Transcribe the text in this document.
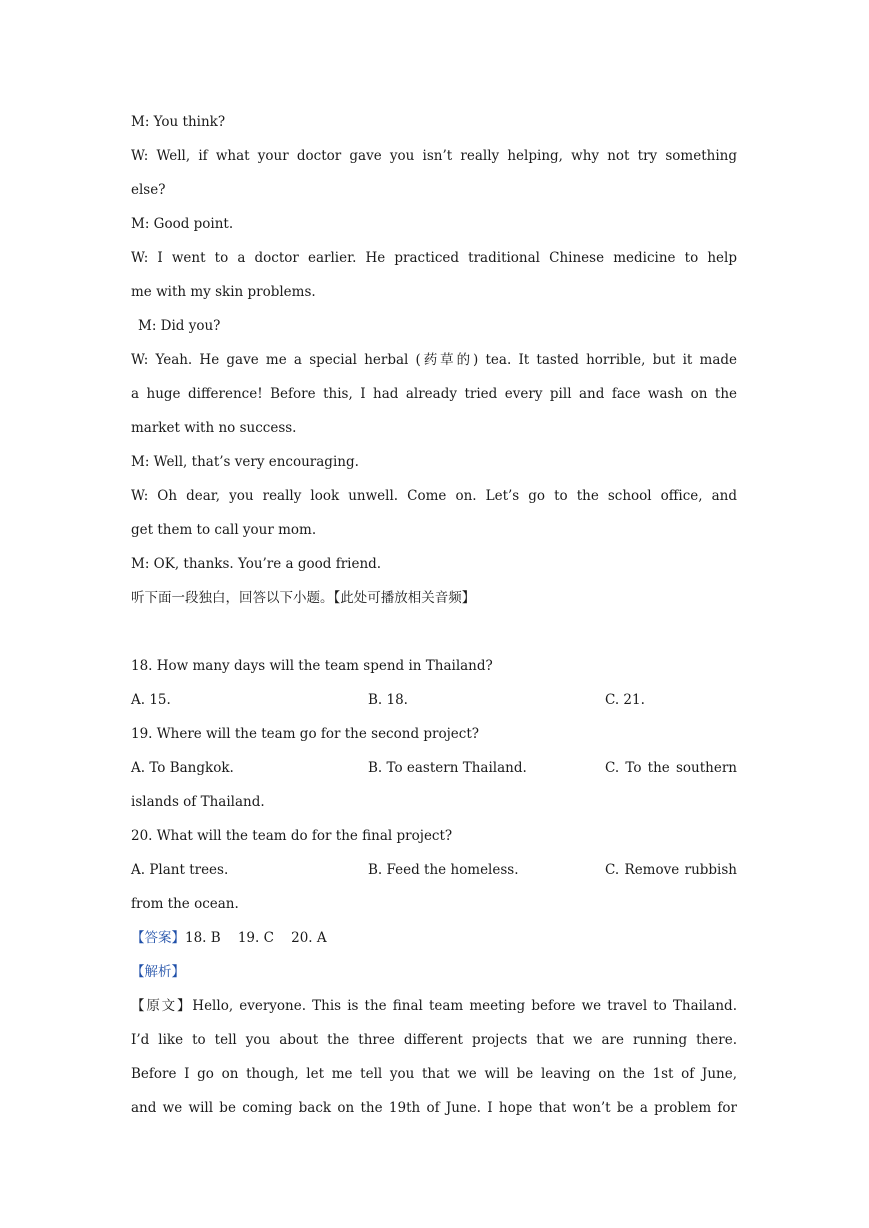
M: You think?
W: Well, if what your doctor gave you isn’t really helping, why not try something
else?
M: Good point.
W: I went to a doctor earlier. He practiced traditional Chinese medicine to help
me with my skin problems.
M: Did you?
W: Yeah. He gave me a special herbal (药草的) tea. It tasted horrible, but it made
a huge difference! Before this, I had already tried every pill and face wash on the
market with no success.
M: Well, that’s very encouraging.
W: Oh dear, you really look unwell. Come on. Let’s go to the school office, and
get them to call your mom.
M: OK, thanks. You’re a good friend.
听下面一段独白，回答以下小题。【此处可播放相关音频】
18. How many days will the team spend in Thailand?
A. 15.	B. 18.	C. 21.
19. Where will the team go for the second project?
A. To Bangkok.	B. To eastern Thailand.	C. To the southern
islands of Thailand.
20. What will the team do for the final project?
A. Plant trees.	B. Feed the homeless.	C. Remove rubbish
from the ocean.
【答案】18. B    19. C    20. A
【解析】
【原文】Hello, everyone. This is the final team meeting before we travel to Thailand.
I’d like to tell you about the three different projects that we are running there.
Before I go on though, let me tell you that we will be leaving on the 1st of June,
and we will be coming back on the 19th of June. I hope that won’t be a problem for
